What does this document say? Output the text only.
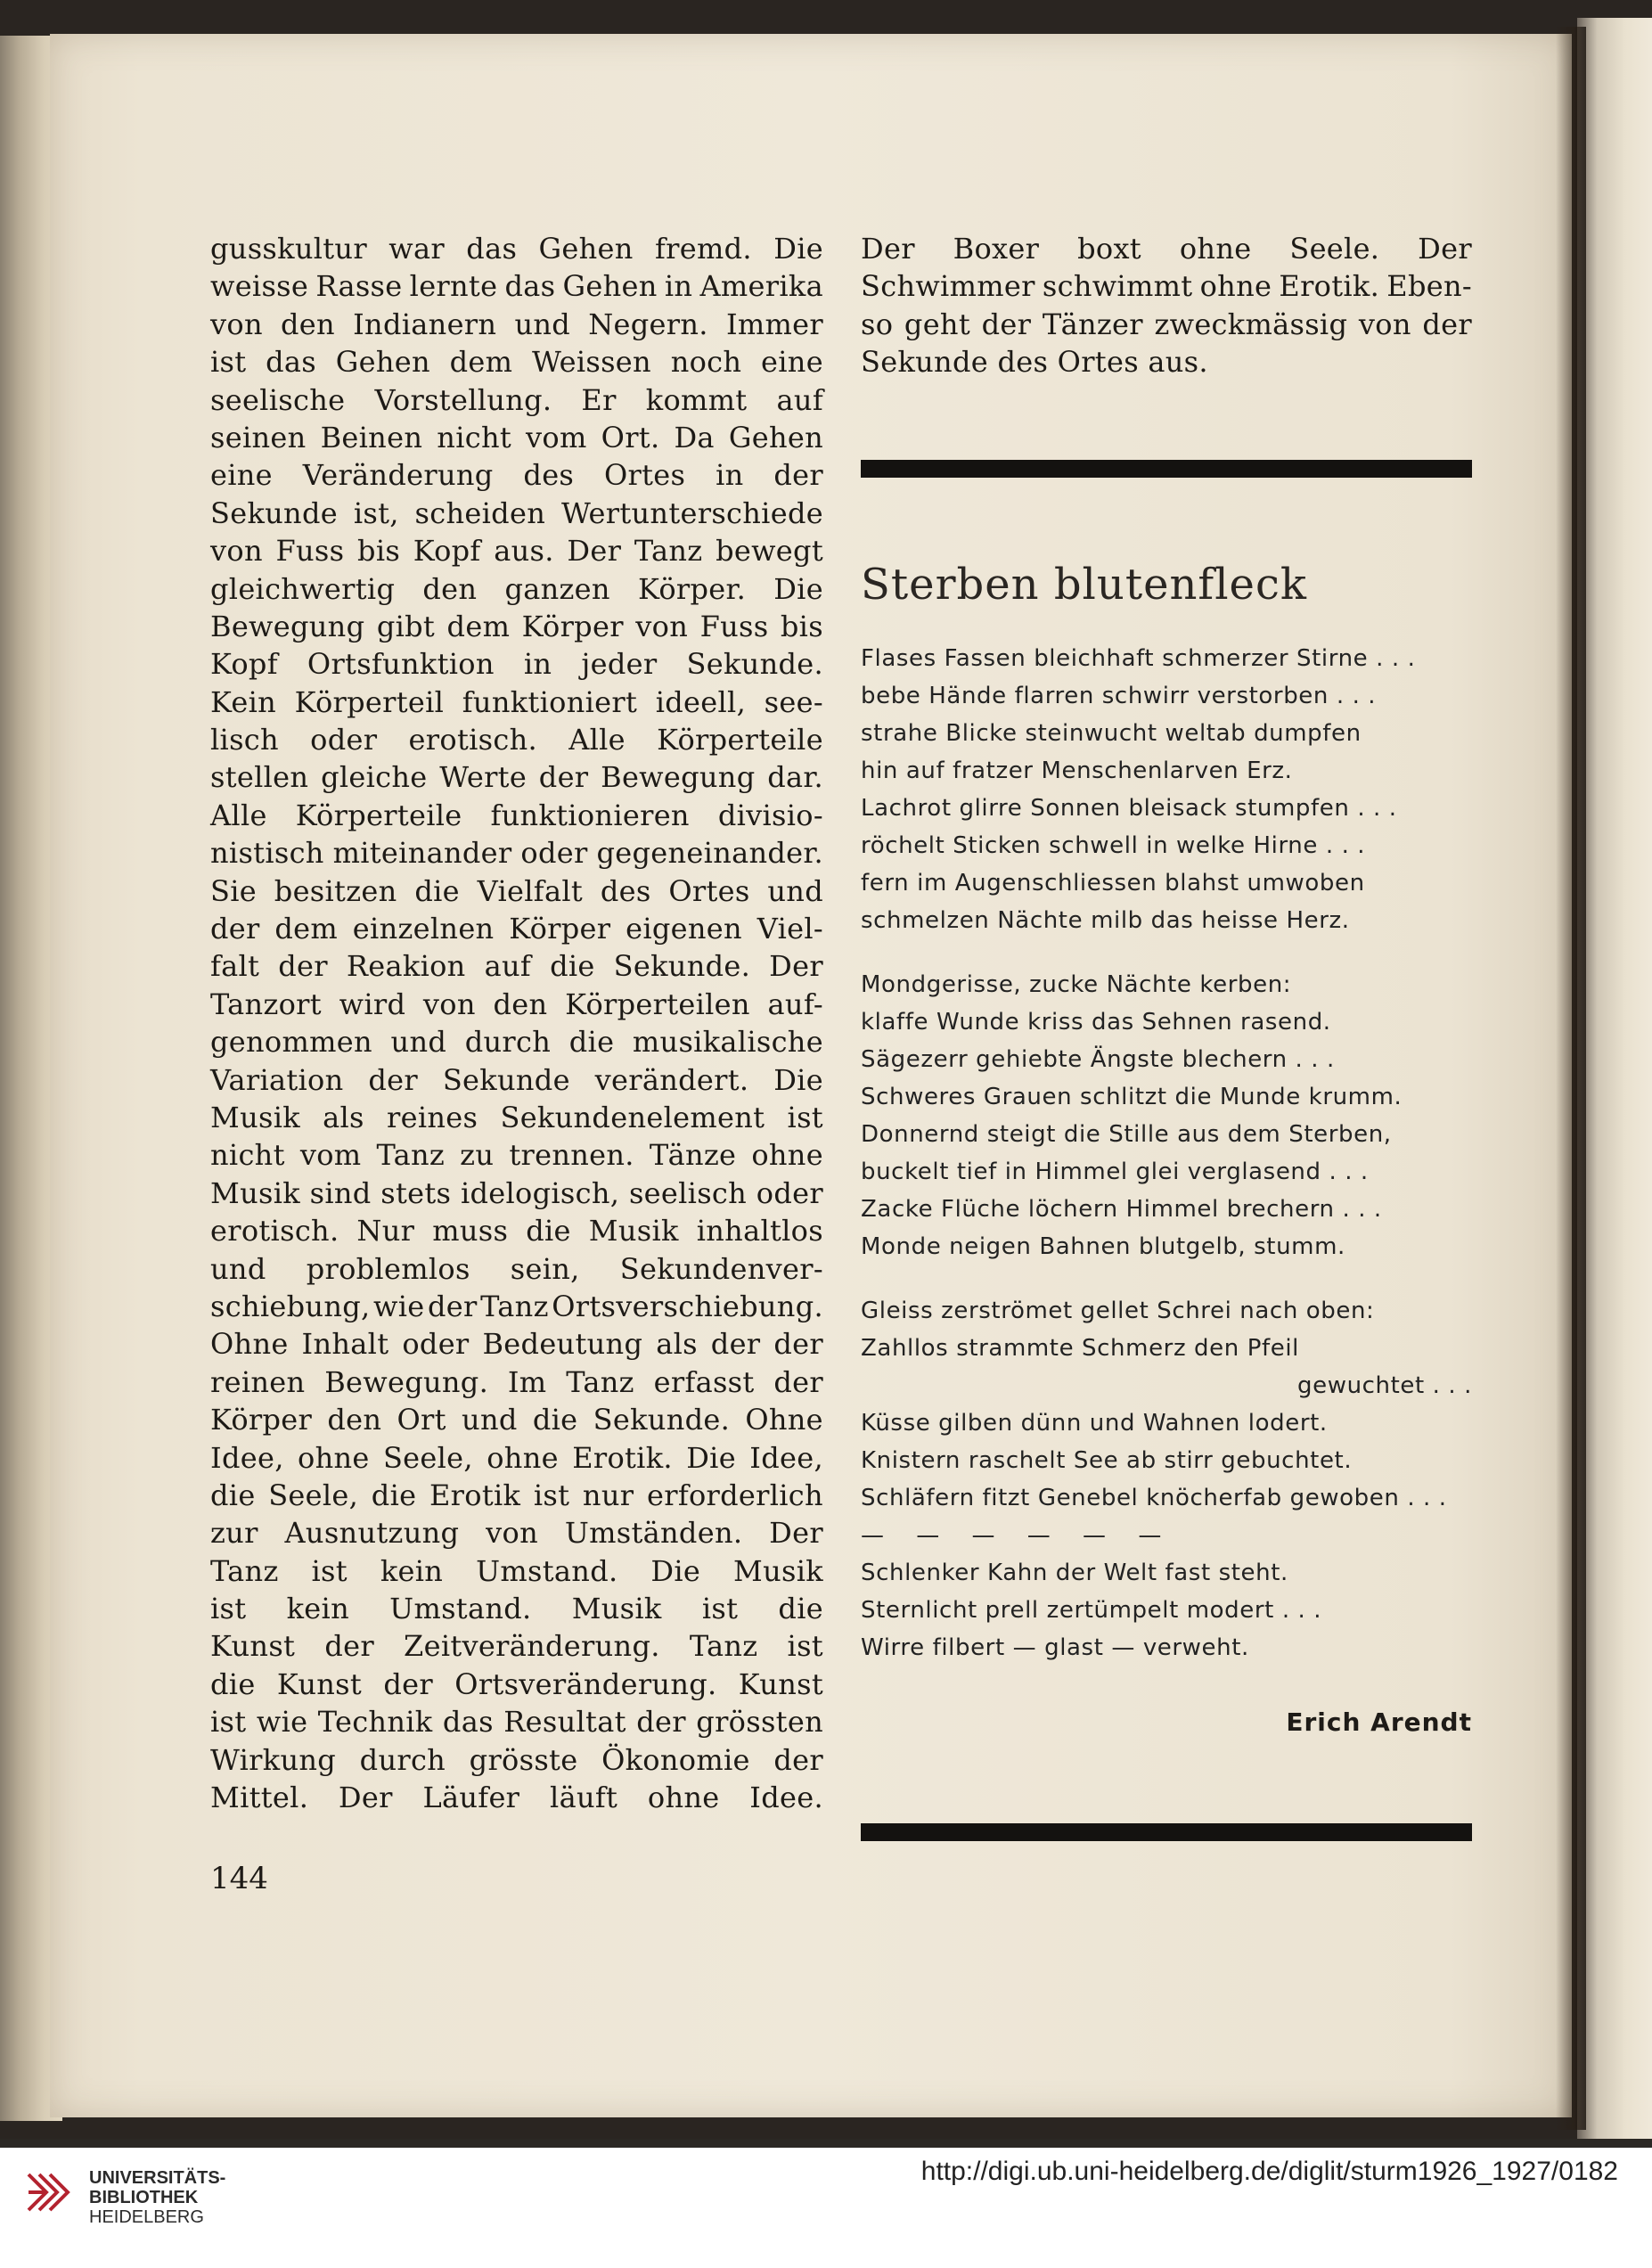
gusskultur war das Gehen fremd. Die
weisse Rasse lernte das Gehen in Amerika
von den Indianern und Negern. Immer
ist das Gehen dem Weissen noch eine
seelische Vorstellung. Er kommt auf
seinen Beinen nicht vom Ort. Da Gehen
eine Veränderung des Ortes in der
Sekunde ist, scheiden Wertunterschiede
von Fuss bis Kopf aus. Der Tanz bewegt
gleichwertig den ganzen Körper. Die
Bewegung gibt dem Körper von Fuss bis
Kopf Ortsfunktion in jeder Sekunde.
Kein Körperteil funktioniert ideell, see-
lisch oder erotisch. Alle Körperteile
stellen gleiche Werte der Bewegung dar.
Alle Körperteile funktionieren divisio-
nistisch miteinander oder gegeneinander.
Sie besitzen die Vielfalt des Ortes und
der dem einzelnen Körper eigenen Viel-
falt der Reakion auf die Sekunde. Der
Tanzort wird von den Körperteilen auf-
genommen und durch die musikalische
Variation der Sekunde verändert. Die
Musik als reines Sekundenelement ist
nicht vom Tanz zu trennen. Tänze ohne
Musik sind stets idelogisch, seelisch oder
erotisch. Nur muss die Musik inhaltlos
und problemlos sein, Sekundenver-
schiebung, wie der Tanz Ortsverschiebung.
Ohne Inhalt oder Bedeutung als der der
reinen Bewegung. Im Tanz erfasst der
Körper den Ort und die Sekunde. Ohne
Idee, ohne Seele, ohne Erotik. Die Idee,
die Seele, die Erotik ist nur erforderlich
zur Ausnutzung von Umständen. Der
Tanz ist kein Umstand. Die Musik
ist kein Umstand. Musik ist die
Kunst der Zeitveränderung. Tanz ist
die Kunst der Ortsveränderung. Kunst
ist wie Technik das Resultat der grössten
Wirkung durch grösste Ökonomie der
Mittel. Der Läufer läuft ohne Idee.
Der Boxer boxt ohne Seele. Der
Schwimmer schwimmt ohne Erotik. Eben-
so geht der Tänzer zweckmässig von der
Sekunde des Ortes aus.
Sterben blutenfleck
Flases Fassen bleichhaft schmerzer Stirne . . .
bebe Hände flarren schwirr verstorben . . .
strahe Blicke steinwucht weltab dumpfen
hin auf fratzer Menschenlarven Erz.
Lachrot glirre Sonnen bleisack stumpfen . . .
röchelt Sticken schwell in welke Hirne . . .
fern im Augenschliessen blahst umwoben
schmelzen Nächte milb das heisse Herz.
Mondgerisse, zucke Nächte kerben:
klaffe Wunde kriss das Sehnen rasend.
Sägezerr gehiebte Ängste blechern . . .
Schweres Grauen schlitzt die Munde krumm.
Donnernd steigt die Stille aus dem Sterben,
buckelt tief in Himmel glei verglasend . . .
Zacke Flüche löchern Himmel brechern . . .
Monde neigen Bahnen blutgelb, stumm.
Gleiss zerströmet gellet Schrei nach oben:
Zahllos strammte Schmerz den Pfeil
gewuchtet . . .
Küsse gilben dünn und Wahnen lodert.
Knistern raschelt See ab stirr gebuchtet.
Schläfern fitzt Genebel knöcherfab gewoben . . .
— — — — — —
Schlenker Kahn der Welt fast steht.
Sternlicht prell zertümpelt modert . . .
Wirre filbert — glast — verweht.
Erich Arendt
144
UNIVERSITÄTS-
BIBLIOTHEK
HEIDELBERG
http://digi.ub.uni-heidelberg.de/diglit/sturm1926_1927/0182
